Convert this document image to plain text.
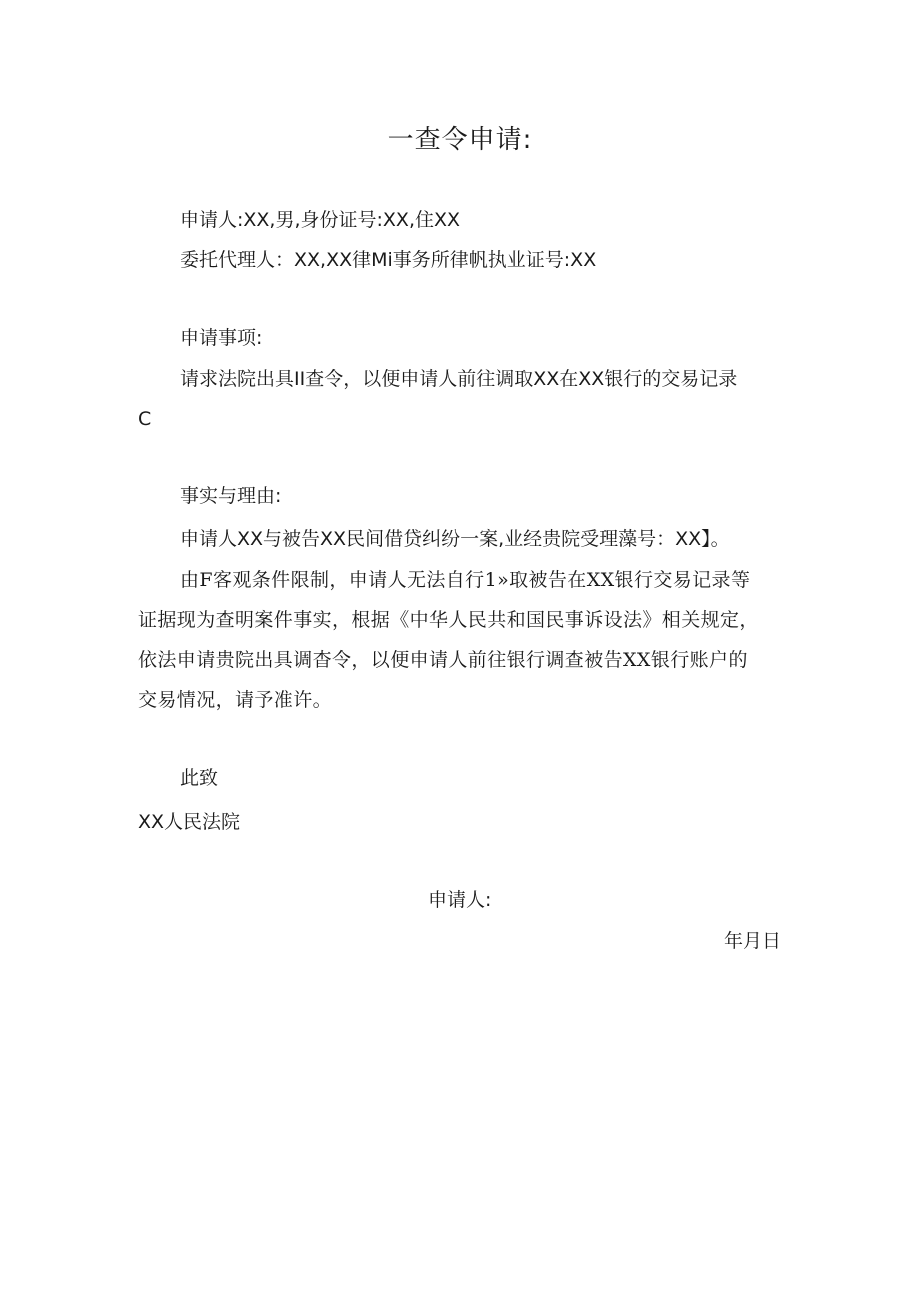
一查令申请:
申请人:XX,男,身份证号:XX,住XX
委托代理人：XX,XX律Mi事务所律帆执业证号:XX
申请事项:
请求法院出具II查令，以便申请人前往调取XX在XX银行的交易记录
C
事实与理由:
申请人XX与被告XX民间借贷纠纷一案,业经贵院受理藻号：XX】。
由F客观条件限制，申请人无法自行1»取被告在XX银行交易记录等
证据现为查明案件事实，根据《中华人民共和国民事诉设法》相关规定，
依法申请贵院出具调杳令，以便申请人前往银行调查被告XX银行账户的
交易情况，请予准许。
此致
XX人民法院
申请人:
年月日
